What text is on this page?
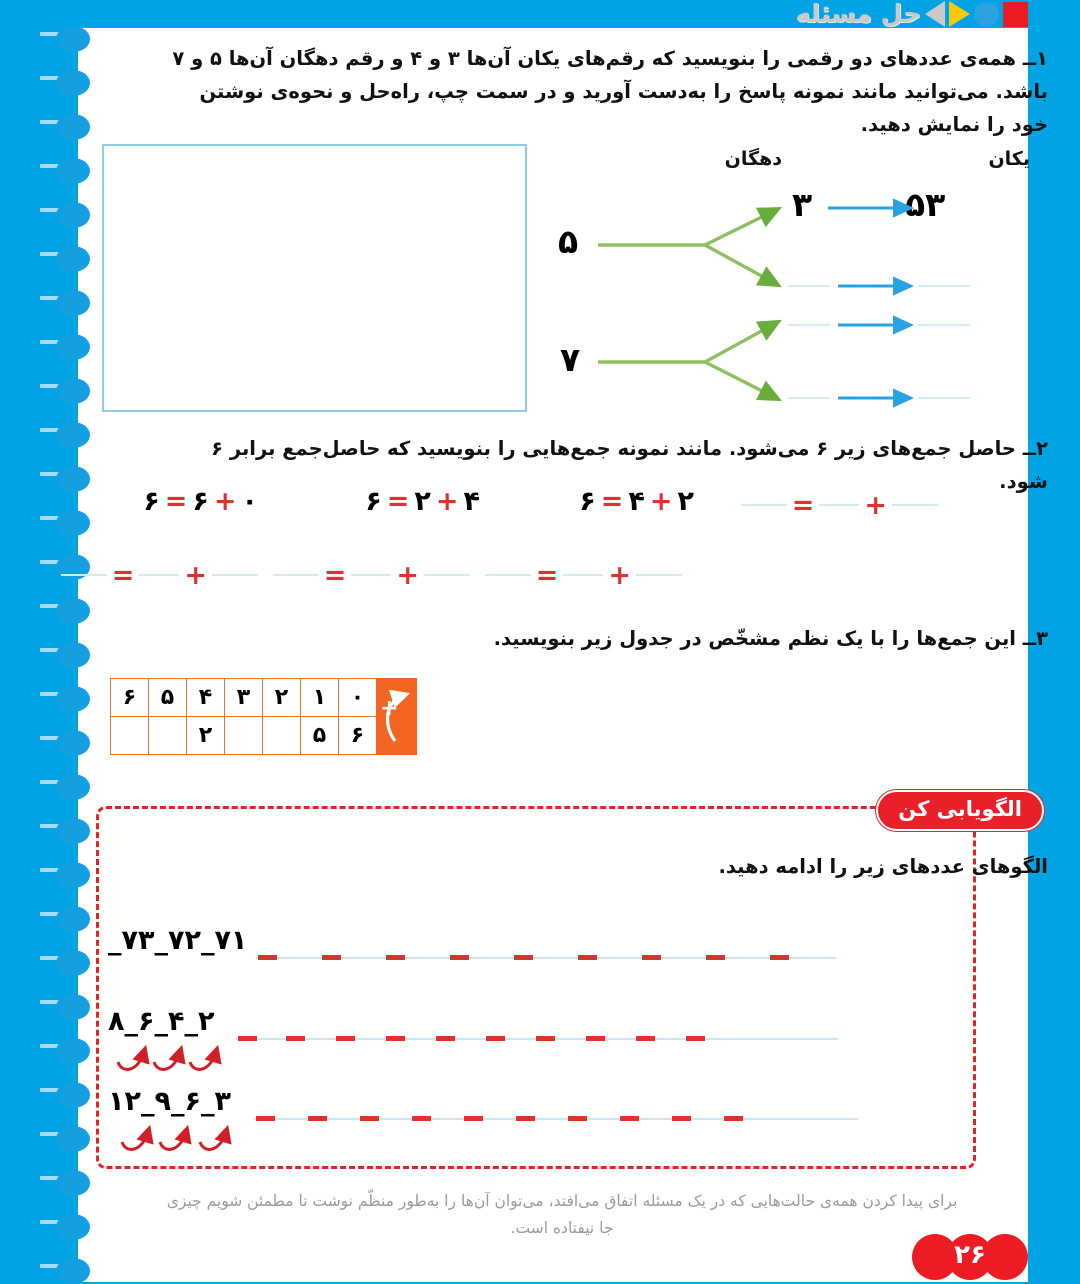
حل مسئله
۱ــ همه‌ی عددهای دو رقمی را بنویسید که رقم‌های یکان آن‌ها ۳ و ۴ و رقم دهگان آن‌ها ۵ و ۷ باشد. می‌توانید مانند نمونه پاسخ را به‌دست آورید و در سمت چپ، راه‌حل و نحوه‌ی نوشتن خود را نمایش دهید.
دهگان	یکان
۵
۷
۳	۵۳
۲ــ حاصل جمع‌های زیر ۶ می‌شود. مانند نمونه جمع‌هایی را بنویسید که حاصل‌جمع برابر ۶ شود.
۰
+
۶
=
۶	۴
+
۲
=
۶	۲
+
۴
=
۶	+
=
+
=	+
=	+
=
۳ــ این جمع‌ها را با یک نظم مشخّص در جدول زیر بنویسید.
+	۰	۱	۲	۳	۴	۵	۶
	۶	۵			۲		
الگویابی کن
الگوهای عددهای زیر را ادامه دهید.
۷۱_۷۲_۷۳_
۲_۴_۶_۸
۳_۶_۹_۱۲
برای پیدا کردن همه‌ی حالت‌هایی که در یک مسئله اتفاق می‌افتد، می‌توان آن‌ها را به‌طور منظّم نوشت تا مطمئن شویم چیزی جا نیفتاده است.
۲۶
